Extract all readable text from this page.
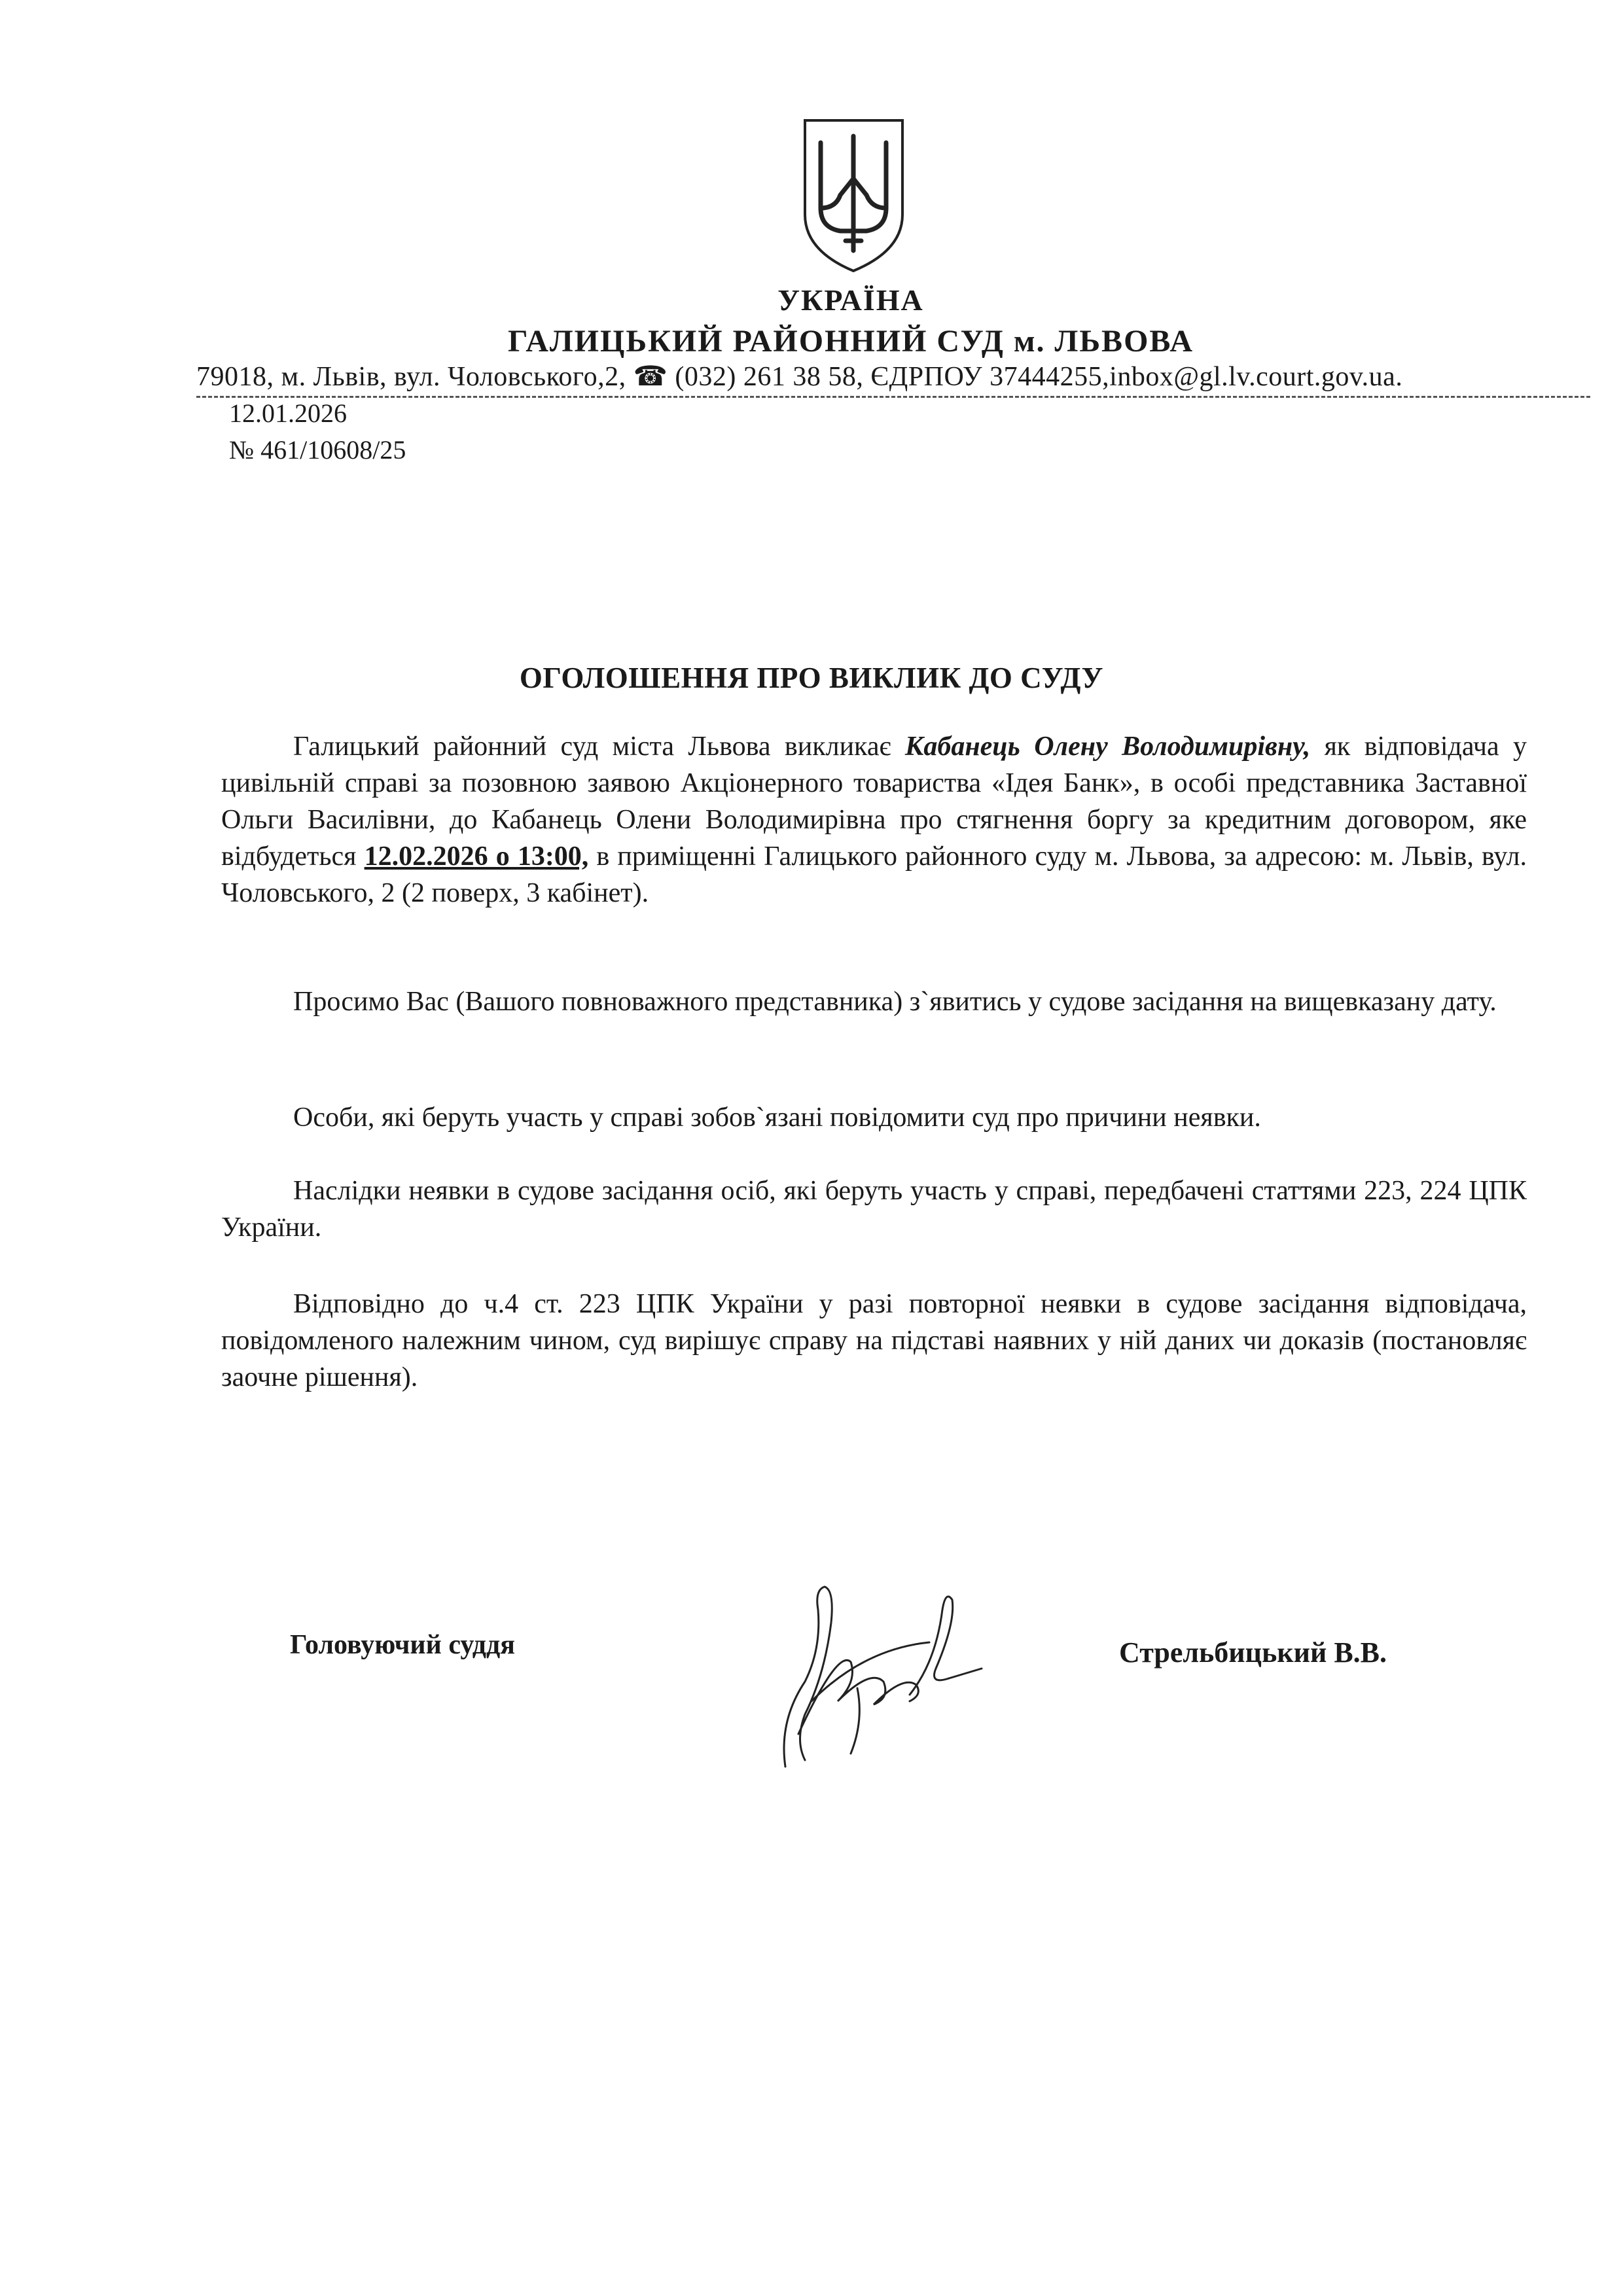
УКРАЇНА
ГАЛИЦЬКИЙ РАЙОННИЙ СУД м. ЛЬВОВА
79018, м. Львів, вул. Чоловського,2, ☎ (032) 261 38 58, ЄДРПОУ 37444255,inbox@gl.lv.court.gov.ua.
12.01.2026
№ 461/10608/25
ОГОЛОШЕННЯ ПРО ВИКЛИК ДО СУДУ
Галицький районний суд міста Львова викликає Кабанець Олену Володимирівну, як відповідача у цивільній справі за позовною заявою Акціонерного товариства «Ідея Банк», в особі представника Заставної Ольги Василівни, до Кабанець Олени Володимирівна про стягнення боргу за кредитним договором, яке відбудеться 12.02.2026 о 13:00, в приміщенні Галицького районного суду м. Львова, за адресою: м. Львів, вул. Чоловського, 2 (2 поверх, 3 кабінет).
Просимо Вас (Вашого повноважного представника) з`явитись у судове засідання на вищевказану дату.
Особи, які беруть участь у справі зобов`язані повідомити суд про причини неявки.
Наслідки неявки в судове засідання осіб, які беруть участь у справі, передбачені статтями 223, 224 ЦПК України.
Відповідно до ч.4 ст. 223 ЦПК України у разі повторної неявки в судове засідання відповідача, повідомленого належним чином, суд вирішує справу на підставі наявних у ній даних чи доказів (постановляє заочне рішення).
Головуючий суддя	Стрельбицький В.В.
